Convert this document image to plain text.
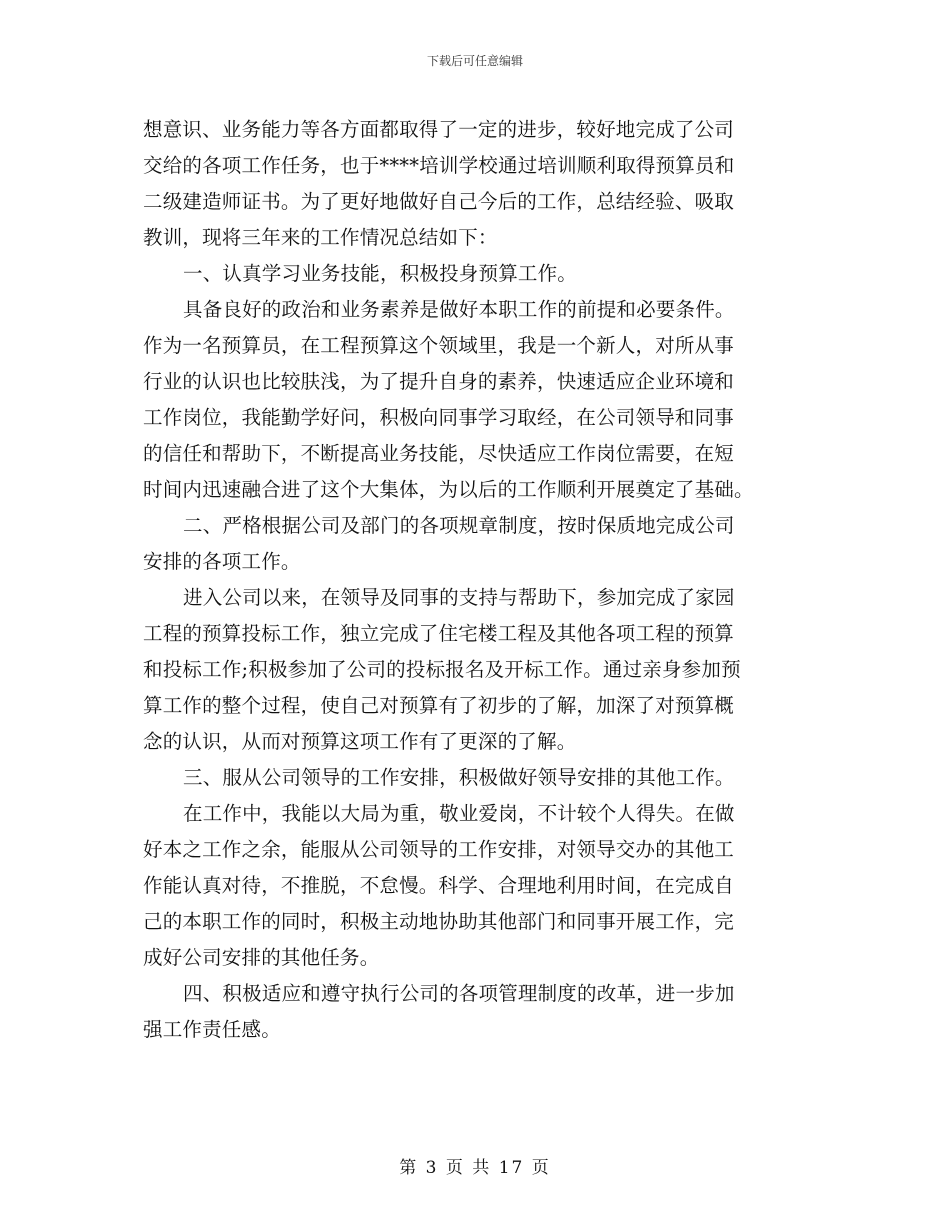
下载后可任意编辑
想意识、业务能力等各方面都取得了一定的进步，较好地完成了公司
交给的各项工作任务，也于****培训学校通过培训顺利取得预算员和
二级建造师证书。为了更好地做好自己今后的工作，总结经验、吸取
教训，现将三年来的工作情况总结如下：
一、认真学习业务技能，积极投身预算工作。
具备良好的政治和业务素养是做好本职工作的前提和必要条件。
作为一名预算员，在工程预算这个领域里，我是一个新人，对所从事
行业的认识也比较肤浅，为了提升自身的素养，快速适应企业环境和
工作岗位，我能勤学好问，积极向同事学习取经，在公司领导和同事
的信任和帮助下，不断提高业务技能，尽快适应工作岗位需要，在短
时间内迅速融合进了这个大集体，为以后的工作顺利开展奠定了基础。
二、严格根据公司及部门的各项规章制度，按时保质地完成公司
安排的各项工作。
进入公司以来，在领导及同事的支持与帮助下，参加完成了家园
工程的预算投标工作，独立完成了住宅楼工程及其他各项工程的预算
和投标工作;积极参加了公司的投标报名及开标工作。通过亲身参加预
算工作的整个过程，使自己对预算有了初步的了解，加深了对预算概
念的认识，从而对预算这项工作有了更深的了解。
三、服从公司领导的工作安排，积极做好领导安排的其他工作。
在工作中，我能以大局为重，敬业爱岗，不计较个人得失。在做
好本之工作之余，能服从公司领导的工作安排，对领导交办的其他工
作能认真对待，不推脱，不怠慢。科学、合理地利用时间，在完成自
己的本职工作的同时，积极主动地协助其他部门和同事开展工作，完
成好公司安排的其他任务。
四、积极适应和遵守执行公司的各项管理制度的改革，进一步加
强工作责任感。
第 3 页 共 17 页
